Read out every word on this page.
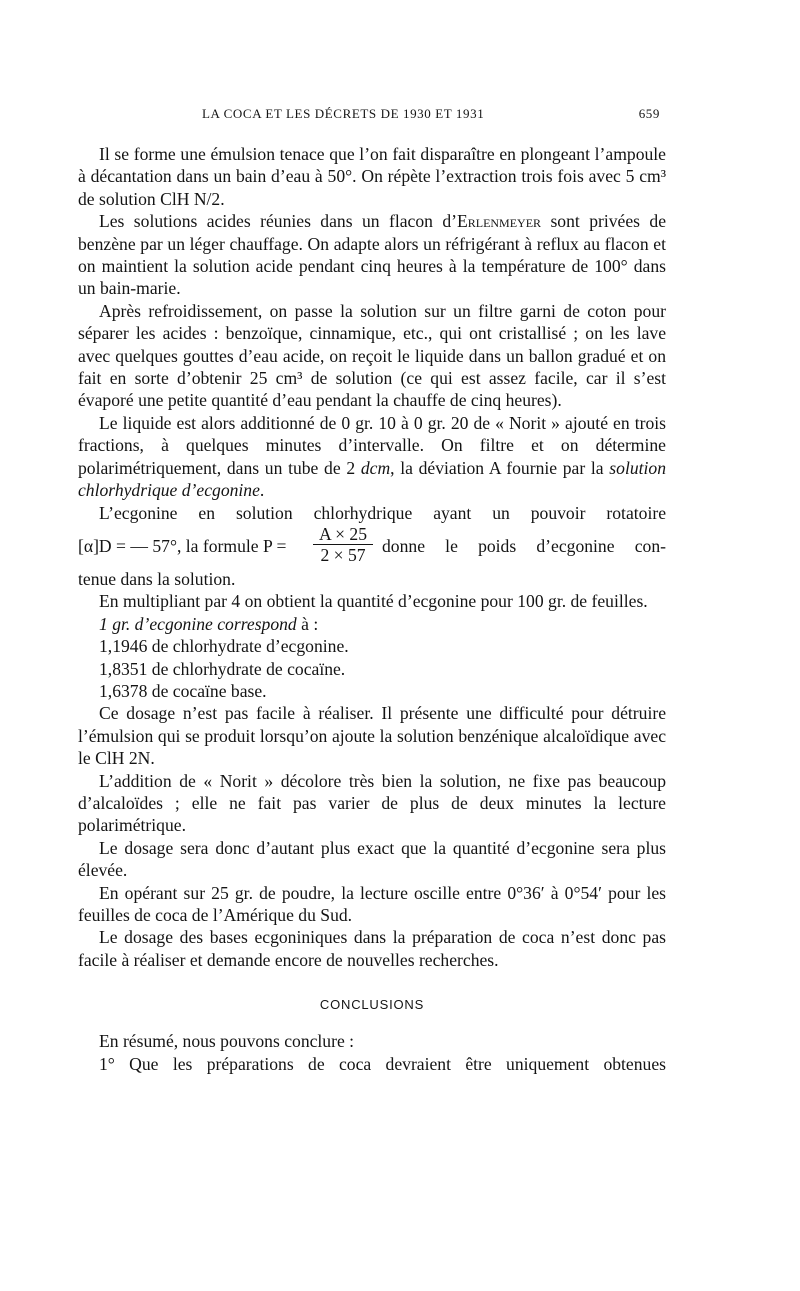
LA COCA ET LES DÉCRETS DE 1930 ET 1931	659

Il se forme une émulsion tenace que l’on fait disparaître en plongeant l’ampoule à décantation dans un bain d’eau à 50°. On répète l’extraction trois fois avec 5 cm³ de solution ClH N/2.

Les solutions acides réunies dans un flacon d’Erlenmeyer sont privées de benzène par un léger chauffage. On adapte alors un réfrigérant à reflux au flacon et on maintient la solution acide pendant cinq heures à la température de 100° dans un bain-marie.

Après refroidissement, on passe la solution sur un filtre garni de coton pour séparer les acides : benzoïque, cinnamique, etc., qui ont cristallisé ; on les lave avec quelques gouttes d’eau acide, on reçoit le liquide dans un ballon gradué et on fait en sorte d’obtenir 25 cm³ de solution (ce qui est assez facile, car il s’est évaporé une petite quantité d’eau pendant la chauffe de cinq heures).

Le liquide est alors additionné de 0 gr. 10 à 0 gr. 20 de « Norit » ajouté en trois fractions, à quelques minutes d’intervalle. On filtre et on détermine polarimétriquement, dans un tube de 2 dcm, la déviation A fournie par la solution chlorhydrique d’ecgonine.

L’ecgonine en solution chlorhydrique ayant un pouvoir rotatoire

[α]D = — 57°, la formule $P = \frac{A \times 25}{2 \times 57}$ donne le poids d’ecgonine con-

tenue dans la solution.

En multipliant par 4 on obtient la quantité d’ecgonine pour 100 gr. de feuilles.

1 gr. d’ecgonine correspond à :

1,1946 de chlorhydrate d’ecgonine.

1,8351 de chlorhydrate de cocaïne.

1,6378 de cocaïne base.

Ce dosage n’est pas facile à réaliser. Il présente une difficulté pour détruire l’émulsion qui se produit lorsqu’on ajoute la solution benzénique alcaloïdique avec le ClH 2N.

L’addition de « Norit » décolore très bien la solution, ne fixe pas beaucoup d’alcaloïdes ; elle ne fait pas varier de plus de deux minutes la lecture polarimétrique.

Le dosage sera donc d’autant plus exact que la quantité d’ecgonine sera plus élevée.

En opérant sur 25 gr. de poudre, la lecture oscille entre 0°36′ à 0°54′ pour les feuilles de coca de l’Amérique du Sud.

Le dosage des bases ecgoniniques dans la préparation de coca n’est donc pas facile à réaliser et demande encore de nouvelles recherches.

CONCLUSIONS

En résumé, nous pouvons conclure :

1° Que les préparations de coca devraient être uniquement obtenues
